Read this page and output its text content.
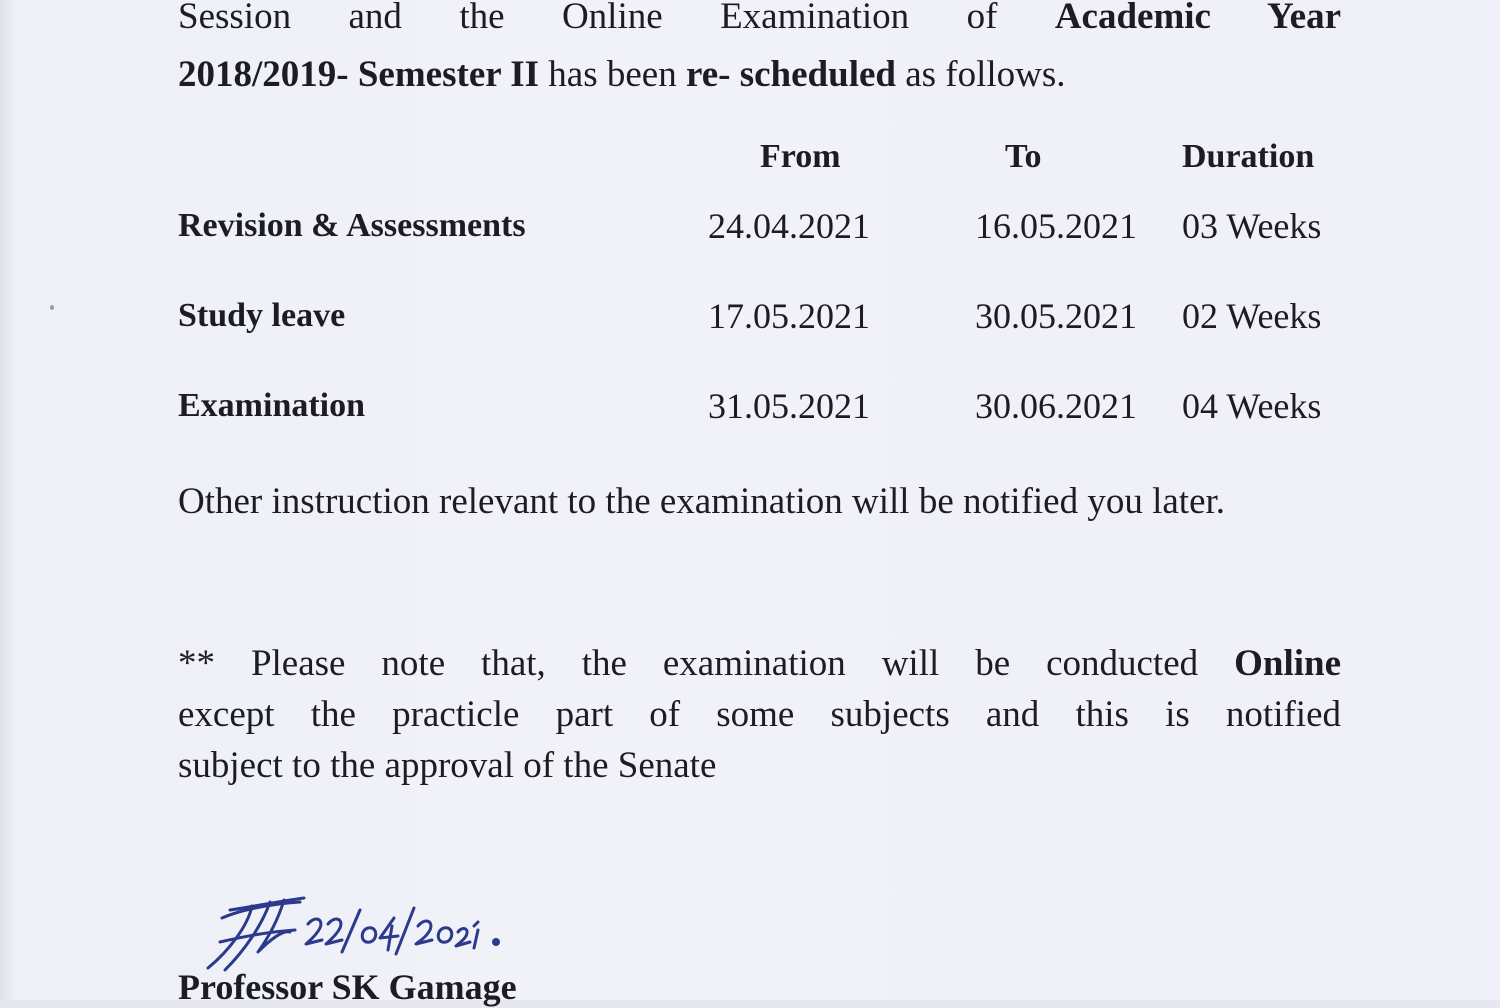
Session and the Online Examination of Academic Year
2018/2019- Semester II has been re- scheduled as follows.
From	To	Duration
Revision & Assessments	24.04.2021	16.05.2021 03 Weeks
Study leave	17.05.2021	30.05.2021 02 Weeks
Examination	31.05.2021	30.06.2021 04 Weeks
Other instruction relevant to the examination will be notified you later.
** Please note that, the examination will be conducted Online
except the practicle part of some subjects and this is notified
subject to the approval of the Senate
Professor SK Gamage
